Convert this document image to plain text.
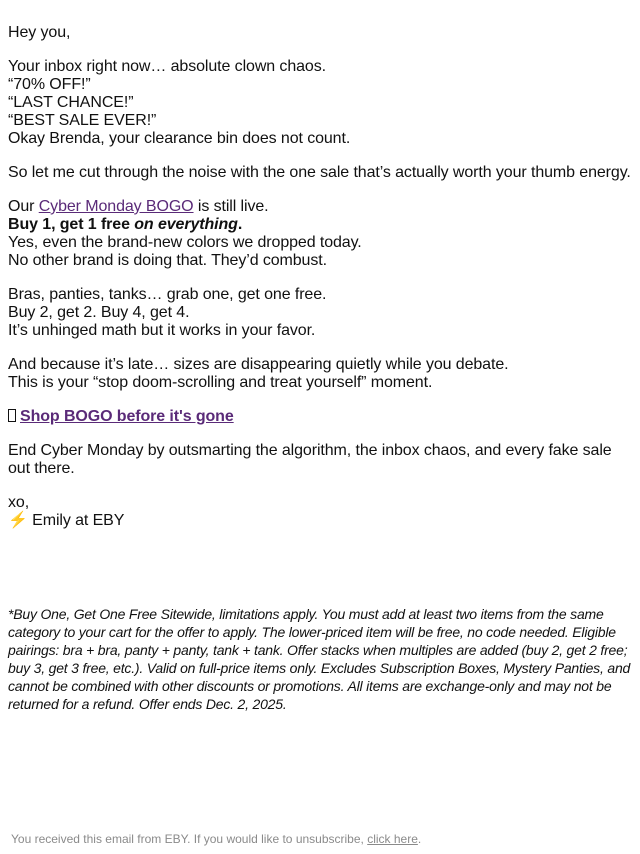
Hey you,

Your inbox right now… absolute clown chaos.
“70% OFF!”
“LAST CHANCE!”
“BEST SALE EVER!”
Okay Brenda, your clearance bin does not count.

So let me cut through the noise with the one sale that’s actually worth your thumb energy.

Our Cyber Monday BOGO is still live.
Buy 1, get 1 free on everything.
Yes, even the brand-new colors we dropped today.
No other brand is doing that. They’d combust.

Bras, panties, tanks… grab one, get one free.
Buy 2, get 2. Buy 4, get 4.
It’s unhinged math but it works in your favor.

And because it’s late… sizes are disappearing quietly while you debate.
This is your “stop doom-scrolling and treat yourself” moment.

Shop BOGO before it's gone

End Cyber Monday by outsmarting the algorithm, the inbox chaos, and every fake sale out there.

xo,
⚡ Emily at EBY

*Buy One, Get One Free Sitewide, limitations apply. You must add at least two items from the same category to your cart for the offer to apply. The lower-priced item will be free, no code needed. Eligible pairings: bra + bra, panty + panty, tank + tank. Offer stacks when multiples are added (buy 2, get 2 free; buy 3, get 3 free, etc.). Valid on full-price items only. Excludes Subscription Boxes, Mystery Panties, and cannot be combined with other discounts or promotions. All items are exchange-only and may not be returned for a refund. Offer ends Dec. 2, 2025.
You received this email from EBY. If you would like to unsubscribe, click here.
